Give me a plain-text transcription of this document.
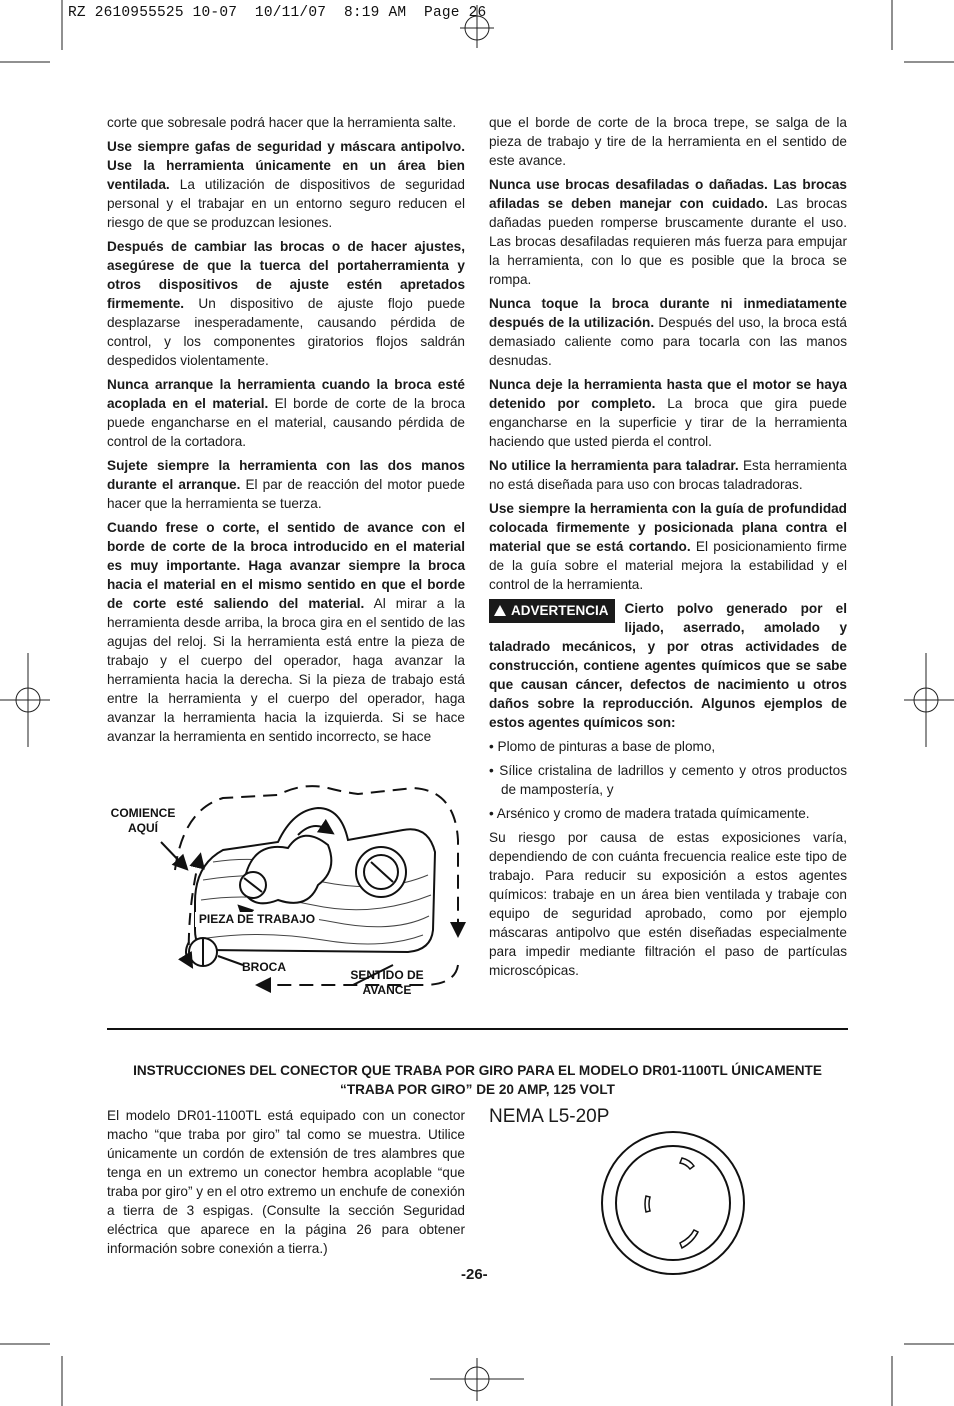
RZ 2610955525 10-07  10/11/07  8:19 AM  Page 26

corte que sobresale podrá hacer que la herramienta salte.

Use siempre gafas de seguridad y máscara antipolvo. Use la herramienta únicamente en un área bien ventilada. La utilización de dispositivos de seguridad personal y el trabajar en un entorno seguro reducen el riesgo de que se produzcan lesiones.

Después de cambiar las brocas o de hacer ajustes, asegúrese de que la tuerca del portaherramienta y otros dispositivos de ajuste estén apretados firmemente. Un dispositivo de ajuste flojo puede desplazarse inesperadamente, causando pérdida de control, y los componentes giratorios flojos saldrán despedidos violentamente.

Nunca arranque la herramienta cuando la broca esté acoplada en el material. El borde de corte de la broca puede engancharse en el material, causando pérdida de control de la cortadora.

Sujete siempre la herramienta con las dos manos durante el arranque. El par de reacción del motor puede hacer que la herramienta se tuerza.

Cuando frese o corte, el sentido de avance con el borde de corte de la broca introducido en el material es muy importante. Haga avanzar siempre la broca hacia el material en el mismo sentido en que el borde de corte esté saliendo del material. Al mirar a la herramienta desde arriba, la broca gira en el sentido de las agujas del reloj. Si la herramienta está entre la pieza de trabajo y el cuerpo del operador, haga avanzar la herramienta hacia la derecha. Si la pieza de trabajo está entre la herramienta y el cuerpo del operador, haga avanzar la herramienta hacia la izquierda. Si se hace avanzar la herramienta en sentido incorrecto, se hace

COMIENCE AQUÍ
PIEZA DE TRABAJO
BROCA
SENTIDO DE AVANCE

que el borde de corte de la broca trepe, se salga de la pieza de trabajo y tire de la herramienta en el sentido de este avance.

Nunca use brocas desafiladas o dañadas. Las brocas afiladas se deben manejar con cuidado. Las brocas dañadas pueden romperse bruscamente durante el uso. Las brocas desafiladas requieren más fuerza para empujar la herramienta, con lo que es posible que la broca se rompa.

Nunca toque la broca durante ni inmediatamente después de la utilización. Después del uso, la broca está demasiado caliente como para tocarla con las manos desnudas.

Nunca deje la herramienta hasta que el motor se haya detenido por completo. La broca que gira puede engancharse en la superficie y tirar de la herramienta haciendo que usted pierda el control.

No utilice la herramienta para taladrar. Esta herramienta no está diseñada para uso con brocas taladradoras.

Use siempre la herramienta con la guía de profundidad colocada firmemente y posicionada plana contra el material que se está cortando. El posicionamiento firme de la guía sobre el material mejora la estabilidad y el control de la herramienta.

ADVERTENCIA	Cierto polvo generado por el lijado, aserrado, amolado y taladrado mecánicos, y por otras actividades de construcción, contiene agentes químicos que se sabe que causan cáncer, defectos de nacimiento u otros daños sobre la reproducción. Algunos ejemplos de estos agentes químicos son:

• Plomo de pinturas a base de plomo,
• Sílice cristalina de ladrillos y cemento y otros productos de mampostería, y
• Arsénico y cromo de madera tratada químicamente.

Su riesgo por causa de estas exposiciones varía, dependiendo de con cuánta frecuencia realice este tipo de trabajo. Para reducir su exposición a estos agentes químicos: trabaje en un área bien ventilada y trabaje con equipo de seguridad aprobado, como por ejemplo máscaras antipolvo que estén diseñadas especialmente para impedir mediante filtración el paso de partículas microscópicas.

INSTRUCCIONES DEL CONECTOR QUE TRABA POR GIRO PARA EL MODELO DR01-1100TL ÚNICAMENTE
“TRABA POR GIRO” DE 20 AMP, 125 VOLT
El modelo DR01-1100TL está equipado con un conector macho “que traba por giro” tal como se muestra. Utilice únicamente un cordón de extensión de tres alambres que tenga en un extremo un conector hembra acoplable “que traba por giro” y en el otro extremo un enchufe de conexión a tierra de 3 espigas. (Consulte la sección Seguridad eléctrica que aparece en la página 26 para obtener información sobre conexión a tierra.)
NEMA L5-20P
-26-
